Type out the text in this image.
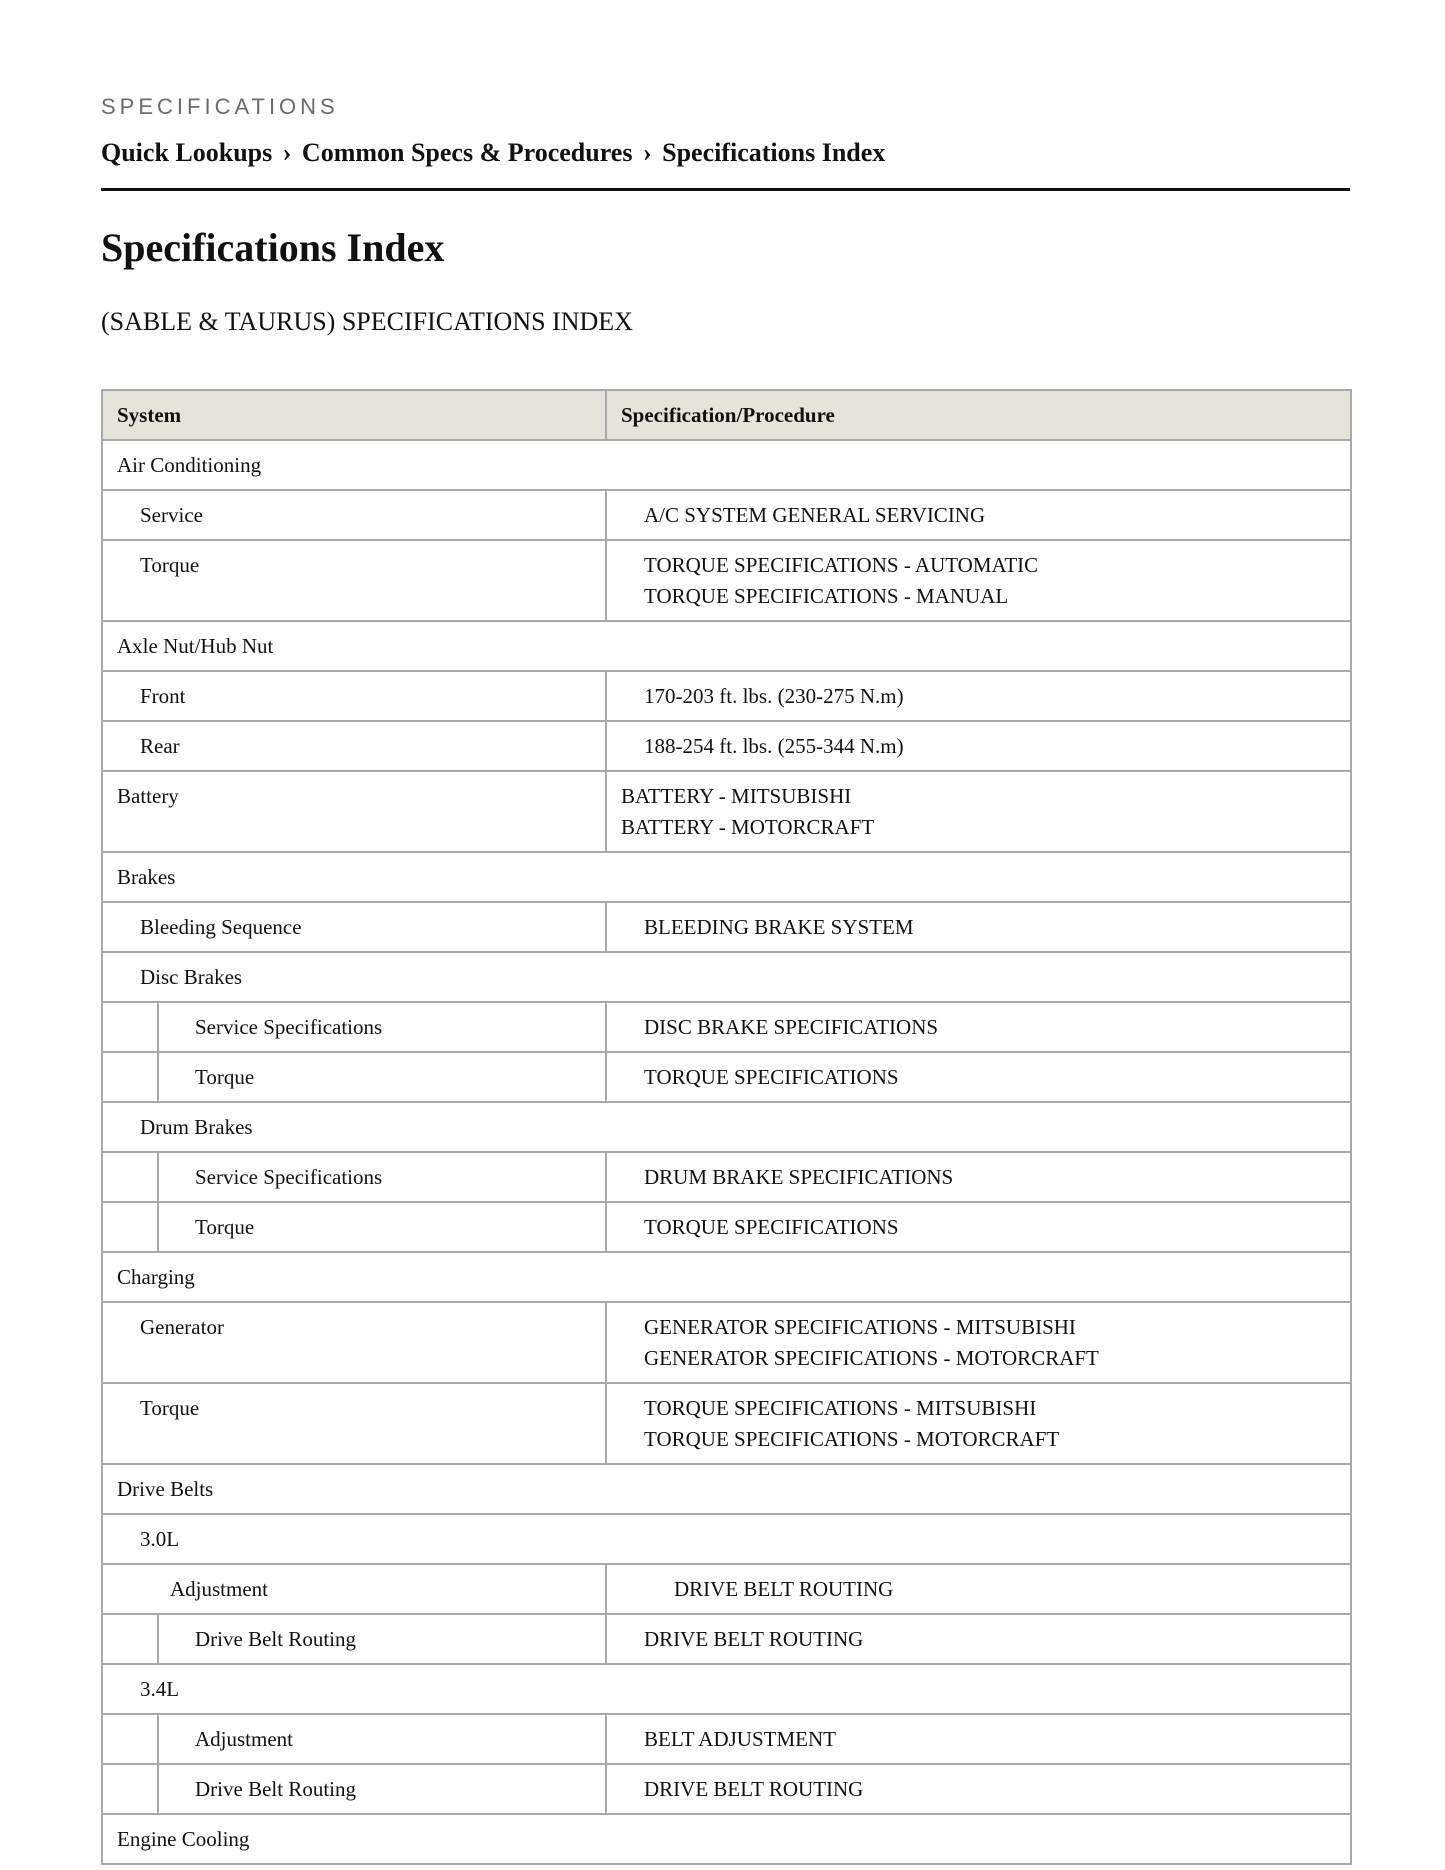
SPECIFICATIONS
Quick Lookups › Common Specs & Procedures › Specifications Index
Specifications Index
(SABLE & TAURUS) SPECIFICATIONS INDEX
System	Specification/Procedure

Air Conditioning	

Service	A/C SYSTEM GENERAL SERVICING

Torque	TORQUE SPECIFICATIONS - AUTOMATIC
TORQUE SPECIFICATIONS - MANUAL

Axle Nut/Hub Nut	

Front	170-203 ft. lbs. (230-275 N.m)

Rear	188-254 ft. lbs. (255-344 N.m)

Battery	BATTERY - MITSUBISHI
BATTERY - MOTORCRAFT

Brakes	

Bleeding Sequence	BLEEDING BRAKE SYSTEM

Disc Brakes	

Service Specifications	DISC BRAKE SPECIFICATIONS

Torque	TORQUE SPECIFICATIONS

Drum Brakes	

Service Specifications	DRUM BRAKE SPECIFICATIONS

Torque	TORQUE SPECIFICATIONS

Charging	

Generator	GENERATOR SPECIFICATIONS - MITSUBISHI
GENERATOR SPECIFICATIONS - MOTORCRAFT

Torque	TORQUE SPECIFICATIONS - MITSUBISHI
TORQUE SPECIFICATIONS - MOTORCRAFT

Drive Belts	

3.0L	

Adjustment	DRIVE BELT ROUTING

Drive Belt Routing	DRIVE BELT ROUTING

3.4L	

Adjustment	BELT ADJUSTMENT

Drive Belt Routing	DRIVE BELT ROUTING

Engine Cooling	
